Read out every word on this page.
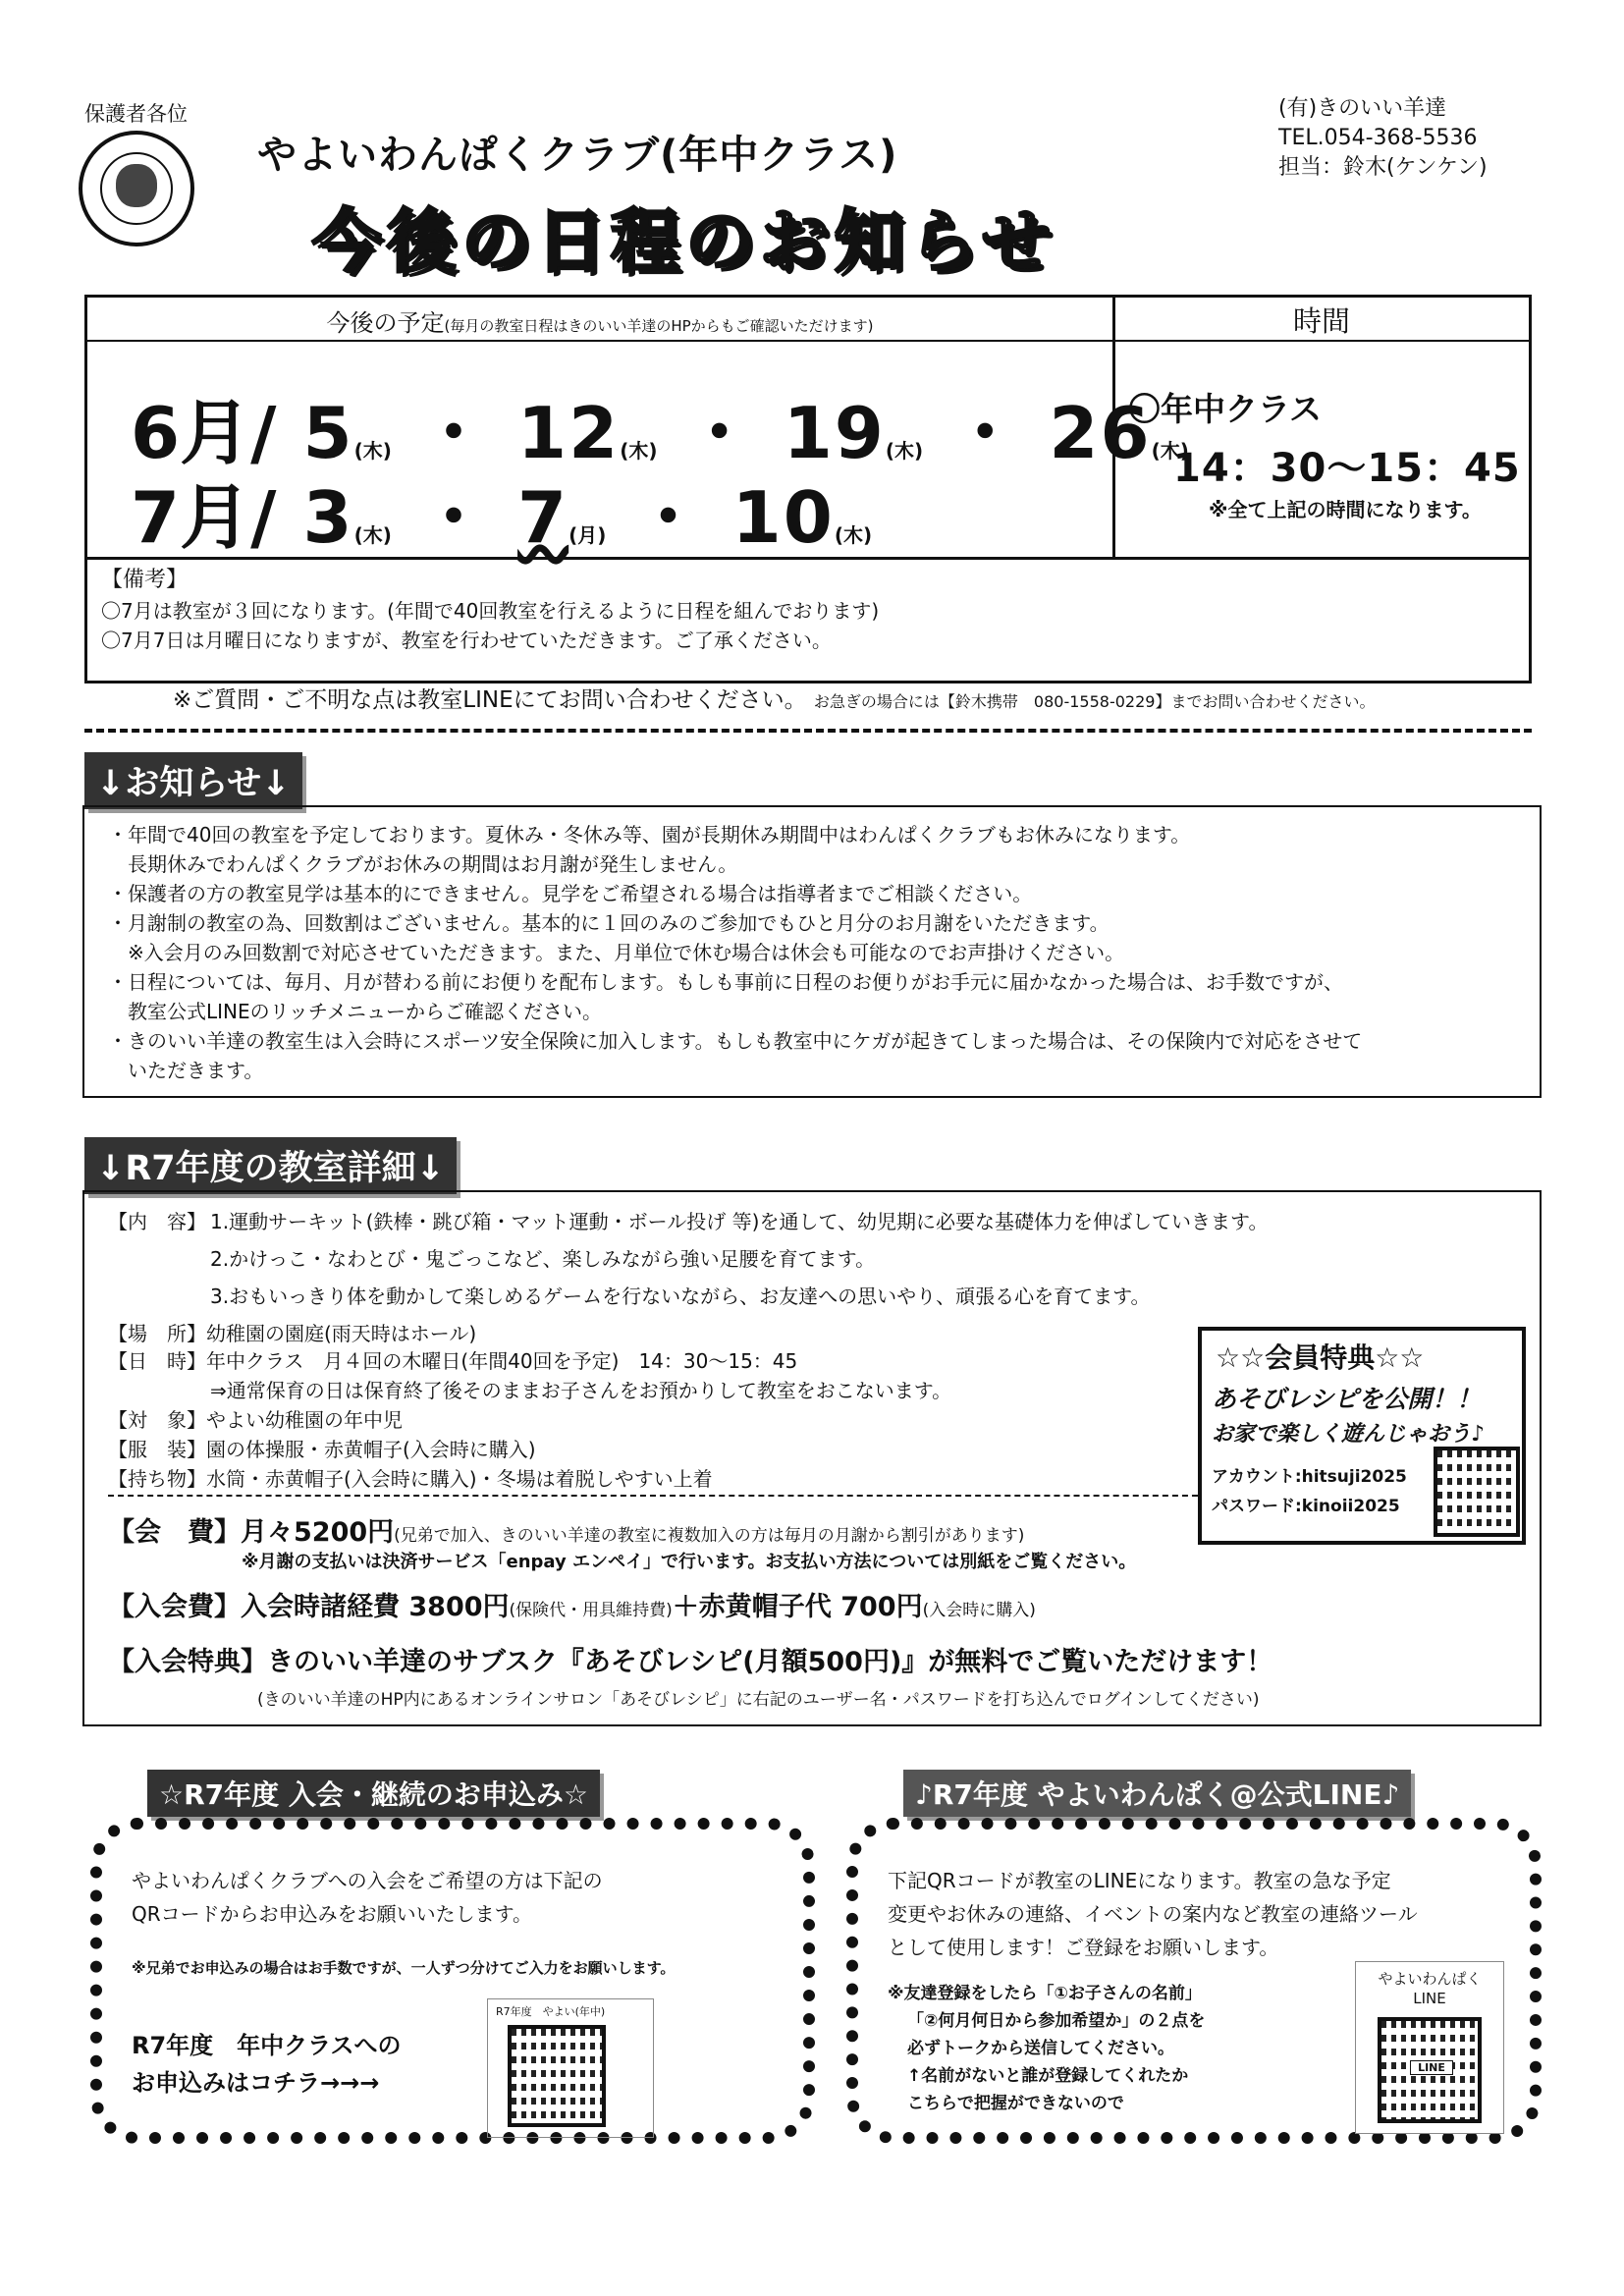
保護者各位
やよいわんぱくクラブ(年中クラス)
今後の日程のお知らせ
(有)きのいい羊達
TEL.054-368-5536
担当：鈴木(ケンケン)
今後の予定(毎月の教室日程はきのいい羊達のHPからもご確認いただけます)	時間
6月/ 5(木) ・ 12(木) ・ 19(木) ・ 26(木)
7月/ 3(木) ・ 7(月) ・ 10(木)
〇年中クラス
14：30〜15：45
※全て上記の時間になります。
【備考】
〇7月は教室が３回になります。(年間で40回教室を行えるように日程を組んでおります)
〇7月7日は月曜日になりますが、教室を行わせていただきます。ご了承ください。
※ご質問・ご不明な点は教室LINEにてお問い合わせください。 お急ぎの場合には【鈴木携帯　080-1558-0229】までお問い合わせください。
↓お知らせ↓
・年間で40回の教室を予定しております。夏休み・冬休み等、園が長期休み期間中はわんぱくクラブもお休みになります。
　長期休みでわんぱくクラブがお休みの期間はお月謝が発生しません。
・保護者の方の教室見学は基本的にできません。見学をご希望される場合は指導者までご相談ください。
・月謝制の教室の為、回数割はございません。基本的に１回のみのご参加でもひと月分のお月謝をいただきます。
　※入会月のみ回数割で対応させていただきます。また、月単位で休む場合は休会も可能なのでお声掛けください。
・日程については、毎月、月が替わる前にお便りを配布します。もしも事前に日程のお便りがお手元に届かなかった場合は、お手数ですが、
　教室公式LINEのリッチメニューからご確認ください。
・きのいい羊達の教室生は入会時にスポーツ安全保険に加入します。もしも教室中にケガが起きてしまった場合は、その保険内で対応をさせて
　いただきます。
↓R7年度の教室詳細↓
【内　容】 1.運動サーキット(鉄棒・跳び箱・マット運動・ボール投げ 等)を通して、幼児期に必要な基礎体力を伸ばしていきます。
2.かけっこ・なわとび・鬼ごっこなど、楽しみながら強い足腰を育てます。
3.おもいっきり体を動かして楽しめるゲームを行ないながら、お友達への思いやり、頑張る心を育てます。
【場　所】幼稚園の園庭(雨天時はホール)
【日　時】年中クラス　月４回の木曜日(年間40回を予定)　14：30〜15：45
⇒通常保育の日は保育終了後そのままお子さんをお預かりして教室をおこないます。
【対　象】やよい幼稚園の年中児
【服　装】園の体操服・赤黄帽子(入会時に購入)
【持ち物】水筒・赤黄帽子(入会時に購入)・冬場は着脱しやすい上着
【会　費】月々5200円(兄弟で加入、きのいい羊達の教室に複数加入の方は毎月の月謝から割引があります)
※月謝の支払いは決済サービス「enpay エンペイ」で行います。お支払い方法については別紙をご覧ください。
【入会費】入会時諸経費 3800円(保険代・用具維持費)＋赤黄帽子代 700円(入会時に購入)
【入会特典】きのいい羊達のサブスク『あそびレシピ(月額500円)』が無料でご覧いただけます！
(きのいい羊達のHP内にあるオンラインサロン「あそびレシピ」に右記のユーザー名・パスワードを打ち込んでログインしてください)
☆☆会員特典☆☆
あそびレシピを公開！！
お家で楽しく遊んじゃおう♪
アカウント:hitsuji2025
パスワード:kinoii2025
☆R7年度 入会・継続のお申込み☆
やよいわんぱくクラブへの入会をご希望の方は下記の
QRコードからお申込みをお願いいたします。
※兄弟でお申込みの場合はお手数ですが、一人ずつ分けてご入力をお願いします。
R7年度　年中クラスへの
お申込みはコチラ→→→
R7年度　やよい(年中)
♪R7年度 やよいわんぱく@公式LINE♪
下記QRコードが教室のLINEになります。教室の急な予定
変更やお休みの連絡、イベントの案内など教室の連絡ツール
として使用します！ご登録をお願いします。
※友達登録をしたら「①お子さんの名前」
「②何月何日から参加希望か」の２点を
必ずトークから送信してください。
↑名前がないと誰が登録してくれたか
こちらで把握ができないので
やよいわんぱく
LINE
LINE
